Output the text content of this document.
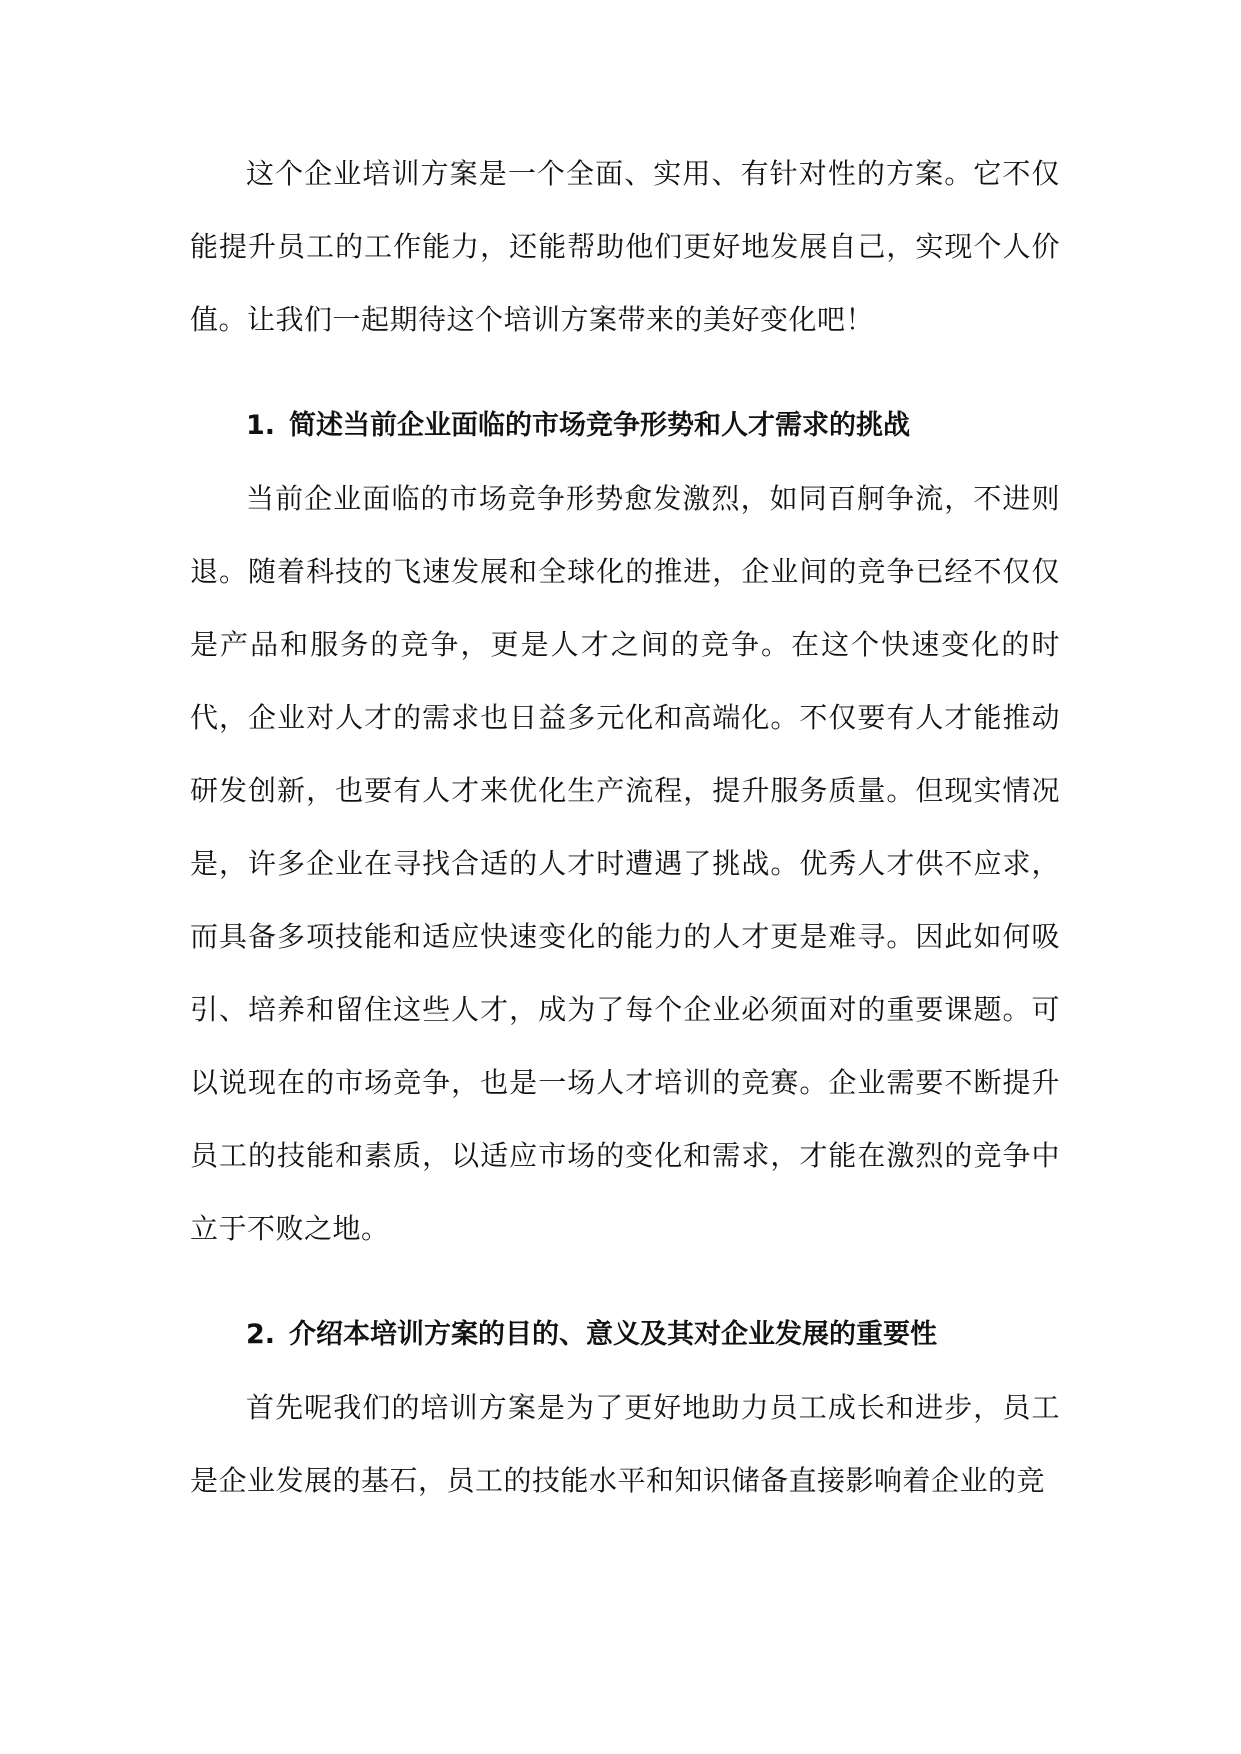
这个企业培训方案是一个全面、实用、有针对性的方案。它不仅能提升员工的工作能力，还能帮助他们更好地发展自己，实现个人价值。让我们一起期待这个培训方案带来的美好变化吧！

1. 简述当前企业面临的市场竞争形势和人才需求的挑战

当前企业面临的市场竞争形势愈发激烈，如同百舸争流，不进则退。随着科技的飞速发展和全球化的推进，企业间的竞争已经不仅仅是产品和服务的竞争，更是人才之间的竞争。在这个快速变化的时代，企业对人才的需求也日益多元化和高端化。不仅要有人才能推动研发创新，也要有人才来优化生产流程，提升服务质量。但现实情况是，许多企业在寻找合适的人才时遭遇了挑战。优秀人才供不应求，而具备多项技能和适应快速变化的能力的人才更是难寻。因此如何吸引、培养和留住这些人才，成为了每个企业必须面对的重要课题。可以说现在的市场竞争，也是一场人才培训的竞赛。企业需要不断提升员工的技能和素质，以适应市场的变化和需求，才能在激烈的竞争中立于不败之地。

2. 介绍本培训方案的目的、意义及其对企业发展的重要性

首先呢我们的培训方案是为了更好地助力员工成长和进步，员工是企业发展的基石，员工的技能水平和知识储备直接影响着企业的竞
